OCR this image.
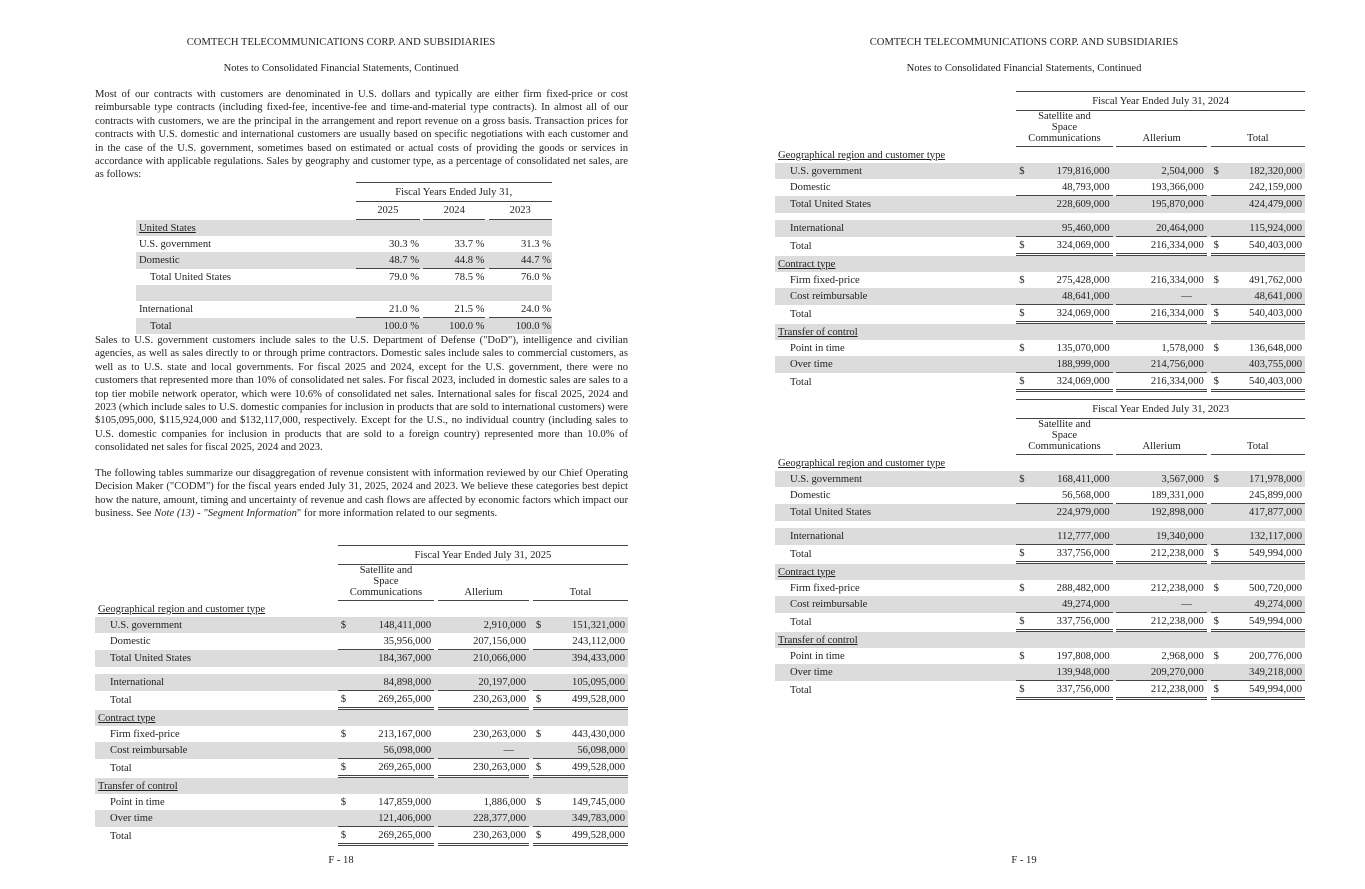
COMTECH TELECOMMUNICATIONS CORP. AND SUBSIDIARIES
Notes to Consolidated Financial Statements, Continued
COMTECH TELECOMMUNICATIONS CORP. AND SUBSIDIARIES
Notes to Consolidated Financial Statements, Continued
F - 18	F - 19

Most of our contracts with customers are denominated in U.S. dollars and typically are either firm fixed-price or cost reimbursable type contracts (including fixed-fee, incentive-fee and time-and-material type contracts). In almost all of our contracts with customers, we are the principal in the arrangement and report revenue on a gross basis. Transaction prices for contracts with U.S. domestic and international customers are usually based on specific negotiations with each customer and in the case of the U.S. government, sometimes based on estimated or actual costs of providing the goods or services in accordance with applicable regulations. Sales by geography and customer type, as a percentage of consolidated net sales, are as follows:

Sales to U.S. government customers include sales to the U.S. Department of Defense ("DoD"), intelligence and civilian agencies, as well as sales directly to or through prime contractors. Domestic sales include sales to commercial customers, as well as to U.S. state and local governments. For fiscal 2025 and 2024, except for the U.S. government, there were no customers that represented more than 10% of consolidated net sales. For fiscal 2023, included in domestic sales are sales to a top tier mobile network operator, which were 10.6% of consolidated net sales. International sales for fiscal 2025, 2024 and 2023 (which include sales to U.S. domestic companies for inclusion in products that are sold to international customers) were $105,095,000, $115,924,000 and $132,117,000, respectively. Except for the U.S., no individual country (including sales to U.S. domestic companies for inclusion in products that are sold to a foreign country) represented more than 10.0% of consolidated net sales for fiscal 2025, 2024 and 2023.

The following tables summarize our disaggregation of revenue consistent with information reviewed by our Chief Operating Decision Maker ("CODM") for the fiscal years ended July 31, 2025, 2024 and 2023. We believe these categories best depict how the nature, amount, timing and uncertainty of revenue and cash flows are affected by economic factors which impact our business. See Note (13) - "Segment Information" for more information related to our segments.

	Fiscal Years Ended July 31,				
	2025		2024		2023
United States					
U.S. government	30.3 %		33.7 %		31.3 %
Domestic	48.7 %		44.8 %		44.7 %
Total United States	79.0 %		78.5 %		76.0 %

International	21.0 %		21.5 %		24.0 %
Total	100.0 %		100.0 %		100.0 %
	Fiscal Year Ended July 31, 2025				
	Satellite and Space Communications		Allerium		Total
Geographical region and customer type	

U.S. government	$ 148,411,000		2,910,000		$ 151,321,000

Domestic	35,956,000		207,156,000		243,112,000

Total United States	184,367,000		210,066,000		394,433,000

International	84,898,000		20,197,000		105,095,000

Total	$ 269,265,000		230,263,000		$ 499,528,000

Contract type	

Firm fixed-price	$ 213,167,000		230,263,000		$ 443,430,000

Cost reimbursable	56,098,000		—		56,098,000

Total	$ 269,265,000		230,263,000		$ 499,528,000

Transfer of control	

Point in time	$ 147,859,000		1,886,000		$ 149,745,000

Over time	121,406,000		228,377,000		349,783,000

Total	$ 269,265,000		230,263,000		$ 499,528,000
	Fiscal Year Ended July 31, 2024				
	Satellite and Space Communications		Allerium		Total
Geographical region and customer type	

U.S. government	$ 179,816,000		2,504,000		$ 182,320,000

Domestic	48,793,000		193,366,000		242,159,000

Total United States	228,609,000		195,870,000		424,479,000

International	95,460,000		20,464,000		115,924,000

Total	$ 324,069,000		216,334,000		$ 540,403,000

Contract type	

Firm fixed-price	$ 275,428,000		216,334,000		$ 491,762,000

Cost reimbursable	48,641,000		—		48,641,000

Total	$ 324,069,000		216,334,000		$ 540,403,000

Transfer of control	

Point in time	$ 135,070,000		1,578,000		$ 136,648,000

Over time	188,999,000		214,756,000		403,755,000

Total	$ 324,069,000		216,334,000		$ 540,403,000
	Fiscal Year Ended July 31, 2023				
	Satellite and Space Communications		Allerium		Total
Geographical region and customer type	

U.S. government	$ 168,411,000		3,567,000		$ 171,978,000

Domestic	56,568,000		189,331,000		245,899,000

Total United States	224,979,000		192,898,000		417,877,000

International	112,777,000		19,340,000		132,117,000

Total	$ 337,756,000		212,238,000		$ 549,994,000

Contract type	

Firm fixed-price	$ 288,482,000		212,238,000		$ 500,720,000

Cost reimbursable	49,274,000		—		49,274,000

Total	$ 337,756,000		212,238,000		$ 549,994,000

Transfer of control	

Point in time	$ 197,808,000		2,968,000		$ 200,776,000

Over time	139,948,000		209,270,000		349,218,000

Total	$ 337,756,000		212,238,000		$ 549,994,000
